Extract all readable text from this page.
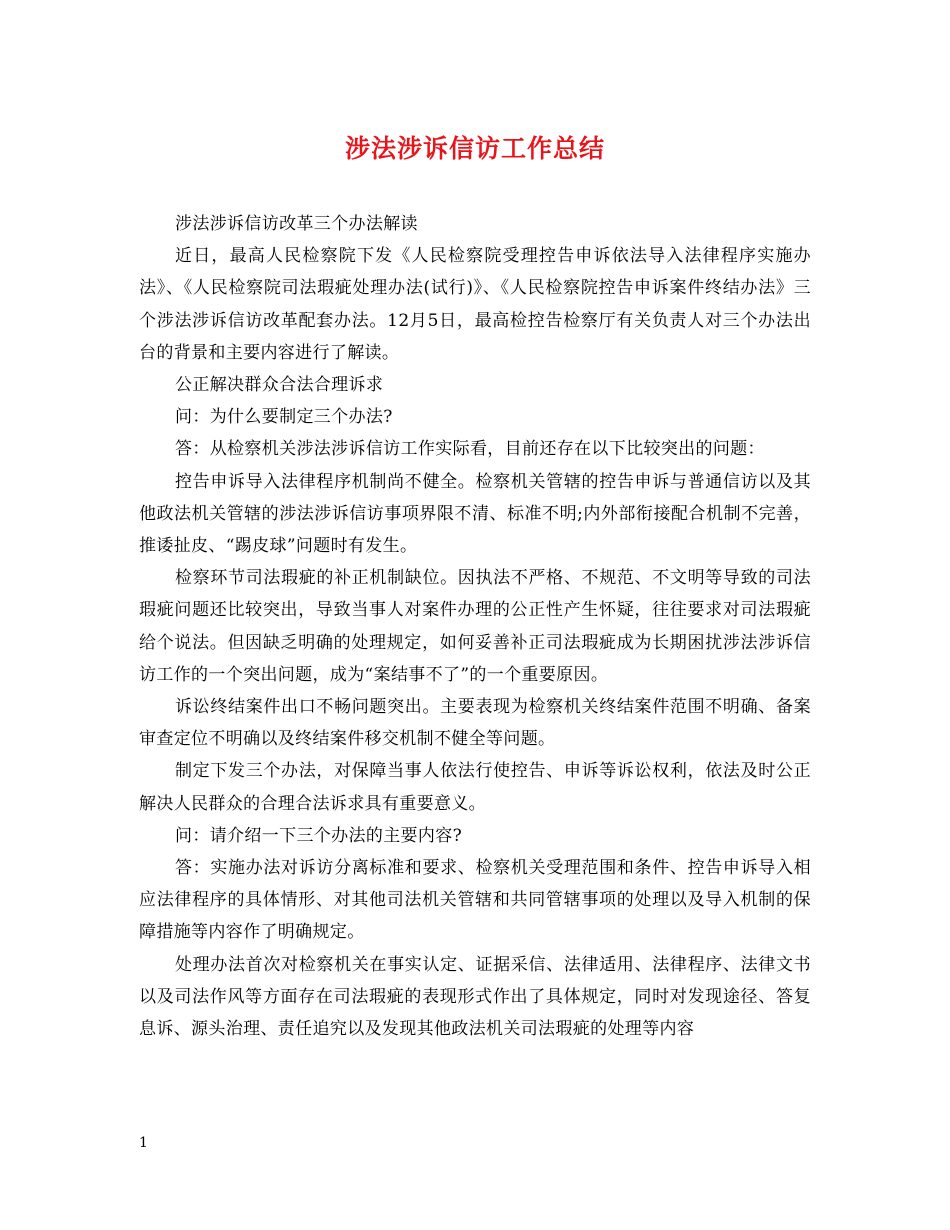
涉法涉诉信访工作总结

涉法涉诉信访改革三个办法解读

近日，最高人民检察院下发《人民检察院受理控告申诉依法导入法律程序实施办法》、《人民检察院司法瑕疵处理办法(试行)》、《人民检察院控告申诉案件终结办法》三个涉法涉诉信访改革配套办法。12月5日，最高检控告检察厅有关负责人对三个办法出台的背景和主要内容进行了解读。

公正解决群众合法合理诉求

问：为什么要制定三个办法?

答：从检察机关涉法涉诉信访工作实际看，目前还存在以下比较突出的问题：

控告申诉导入法律程序机制尚不健全。检察机关管辖的控告申诉与普通信访以及其他政法机关管辖的涉法涉诉信访事项界限不清、标准不明;内外部衔接配合机制不完善，推诿扯皮、“踢皮球”问题时有发生。

检察环节司法瑕疵的补正机制缺位。因执法不严格、不规范、不文明等导致的司法瑕疵问题还比较突出，导致当事人对案件办理的公正性产生怀疑，往往要求对司法瑕疵给个说法。但因缺乏明确的处理规定，如何妥善补正司法瑕疵成为长期困扰涉法涉诉信访工作的一个突出问题，成为“案结事不了”的一个重要原因。

诉讼终结案件出口不畅问题突出。主要表现为检察机关终结案件范围不明确、备案审查定位不明确以及终结案件移交机制不健全等问题。

制定下发三个办法，对保障当事人依法行使控告、申诉等诉讼权利，依法及时公正解决人民群众的合理合法诉求具有重要意义。

问：请介绍一下三个办法的主要内容?

答：实施办法对诉访分离标准和要求、检察机关受理范围和条件、控告申诉导入相应法律程序的具体情形、对其他司法机关管辖和共同管辖事项的处理以及导入机制的保障措施等内容作了明确规定。

处理办法首次对检察机关在事实认定、证据采信、法律适用、法律程序、法律文书以及司法作风等方面存在司法瑕疵的表现形式作出了具体规定，同时对发现途径、答复息诉、源头治理、责任追究以及发现其他政法机关司法瑕疵的处理等内容

1
